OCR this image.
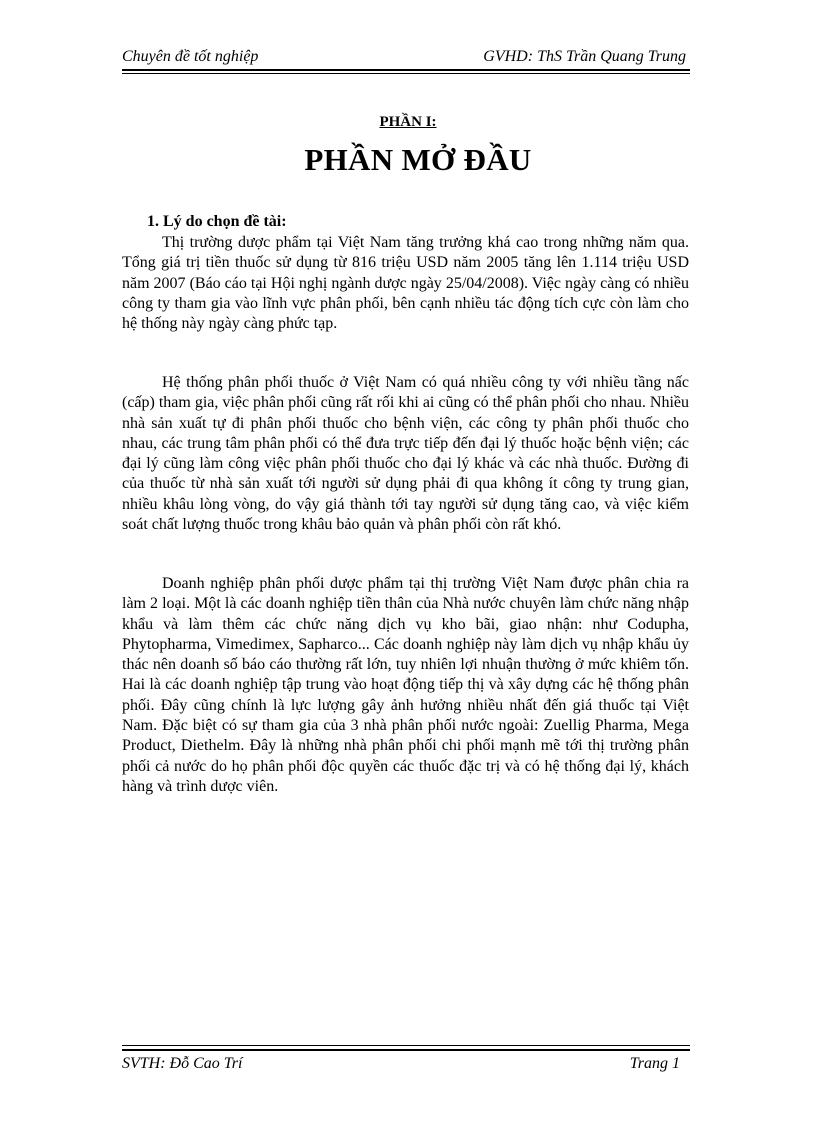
Chuyên đề tốt nghiệp	GVHD: ThS Trần Quang Trung
PHẦN I:
PHẦN MỞ ĐẦU
1. Lý do chọn đề tài:

Thị trường dược phẩm tại Việt Nam tăng trưởng khá cao trong những năm qua. Tổng giá trị tiền thuốc sử dụng từ 816 triệu USD năm 2005 tăng lên 1.114 triệu USD năm 2007 (Báo cáo tại Hội nghị ngành dược ngày 25/04/2008). Việc ngày càng có nhiều công ty tham gia vào lĩnh vực phân phối, bên cạnh nhiều tác động tích cực còn làm cho hệ thống này ngày càng phức tạp.

Hệ thống phân phối thuốc ở Việt Nam có quá nhiều công ty với nhiều tầng nấc (cấp) tham gia, việc phân phối cũng rất rối khi ai cũng có thể phân phối cho nhau. Nhiều nhà sản xuất tự đi phân phối thuốc cho bệnh viện, các công ty phân phối thuốc cho nhau, các trung tâm phân phối có thể đưa trực tiếp đến đại lý thuốc hoặc bệnh viện; các đại lý cũng làm công việc phân phối thuốc cho đại lý khác và các nhà thuốc. Đường đi của thuốc từ nhà sản xuất tới người sử dụng phải đi qua không ít công ty trung gian, nhiều khâu lòng vòng, do vậy giá thành tới tay người sử dụng tăng cao, và việc kiểm soát chất lượng thuốc trong khâu bảo quản và phân phối còn rất khó.

Doanh nghiệp phân phối dược phẩm tại thị trường Việt Nam được phân chia ra làm 2 loại. Một là các doanh nghiệp tiền thân của Nhà nước chuyên làm chức năng nhập khẩu và làm thêm các chức năng dịch vụ kho bãi, giao nhận: như Codupha, Phytopharma, Vimedimex, Sapharco... Các doanh nghiệp này làm dịch vụ nhập khẩu ủy thác nên doanh số báo cáo thường rất lớn, tuy nhiên lợi nhuận thường ở mức khiêm tốn. Hai là các doanh nghiệp tập trung vào hoạt động tiếp thị và xây dựng các hệ thống phân phối. Đây cũng chính là lực lượng gây ảnh hưởng nhiều nhất đến giá thuốc tại Việt Nam. Đặc biệt có sự tham gia của 3 nhà phân phối nước ngoài: Zuellig Pharma, Mega Product, Diethelm. Đây là những nhà phân phối chi phối mạnh mẽ tới thị trường phân phối cả nước do họ phân phối độc quyền các thuốc đặc trị và có hệ thống đại lý, khách hàng và trình dược viên.

SVTH: Đỗ Cao Trí	Trang 1
